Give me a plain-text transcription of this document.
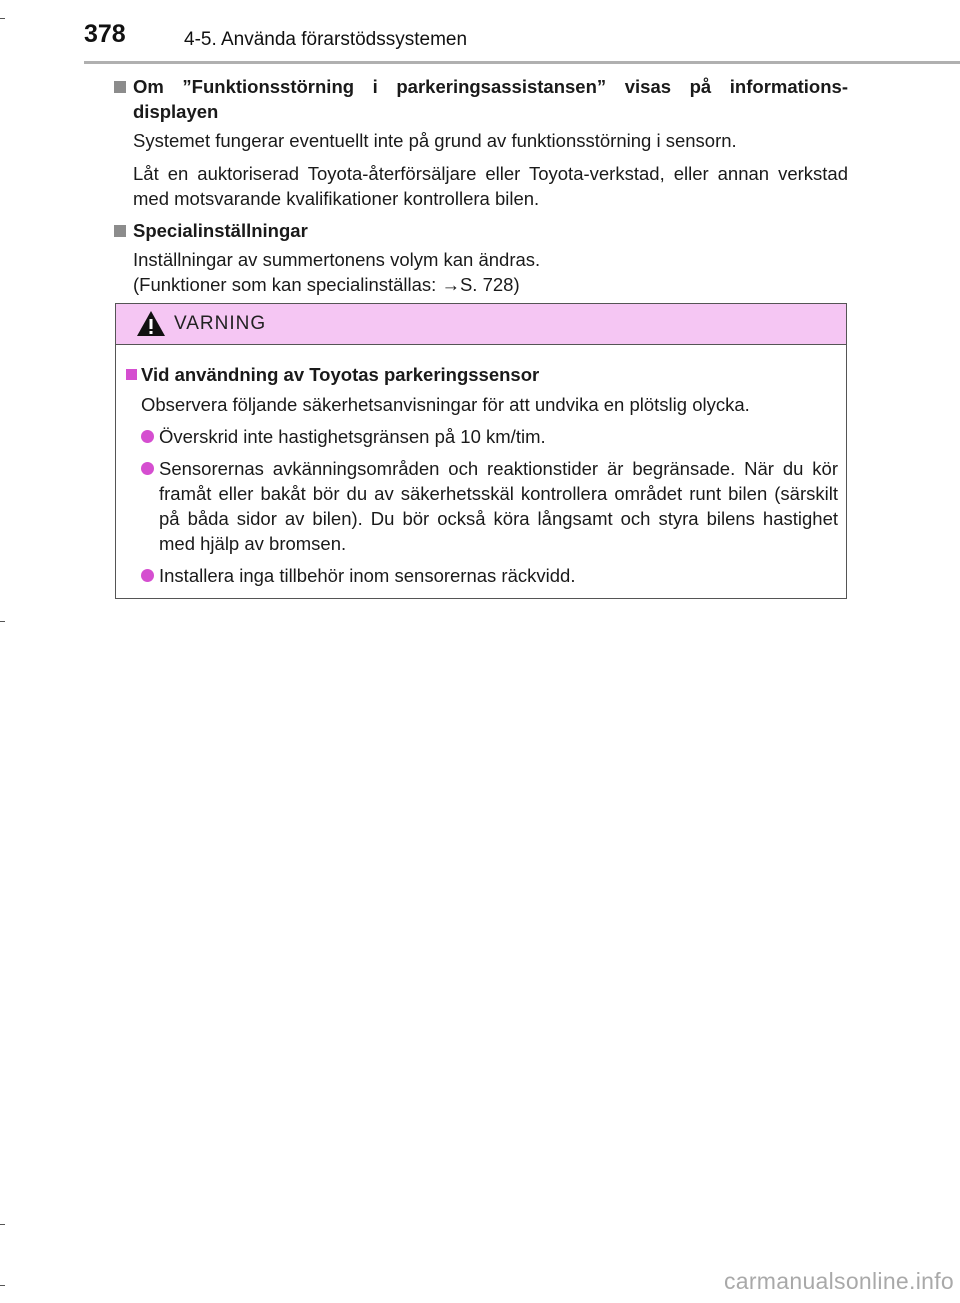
378	4-5. Använda förarstödssystemen
Om ”Funktionsstörning i parkeringsassistansen” visas på informations-displayen
Systemet fungerar eventuellt inte på grund av funktionsstörning i sensorn.
Låt en auktoriserad Toyota-återförsäljare eller Toyota-verkstad, eller annan verkstad med motsvarande kvalifikationer kontrollera bilen.
Specialinställningar
Inställningar av summertonens volym kan ändras.
(Funktioner som kan specialinställas: →S. 728)
VARNING
Vid användning av Toyotas parkeringssensor
Observera följande säkerhetsanvisningar för att undvika en plötslig olycka.
Överskrid inte hastighetsgränsen på 10 km/tim.
Sensorernas avkänningsområden och reaktionstider är begränsade. När du kör framåt eller bakåt bör du av säkerhetsskäl kontrollera området runt bilen (särskilt på båda sidor av bilen). Du bör också köra långsamt och styra bilens hastighet med hjälp av bromsen.
Installera inga tillbehör inom sensorernas räckvidd.
carmanualsonline.info
